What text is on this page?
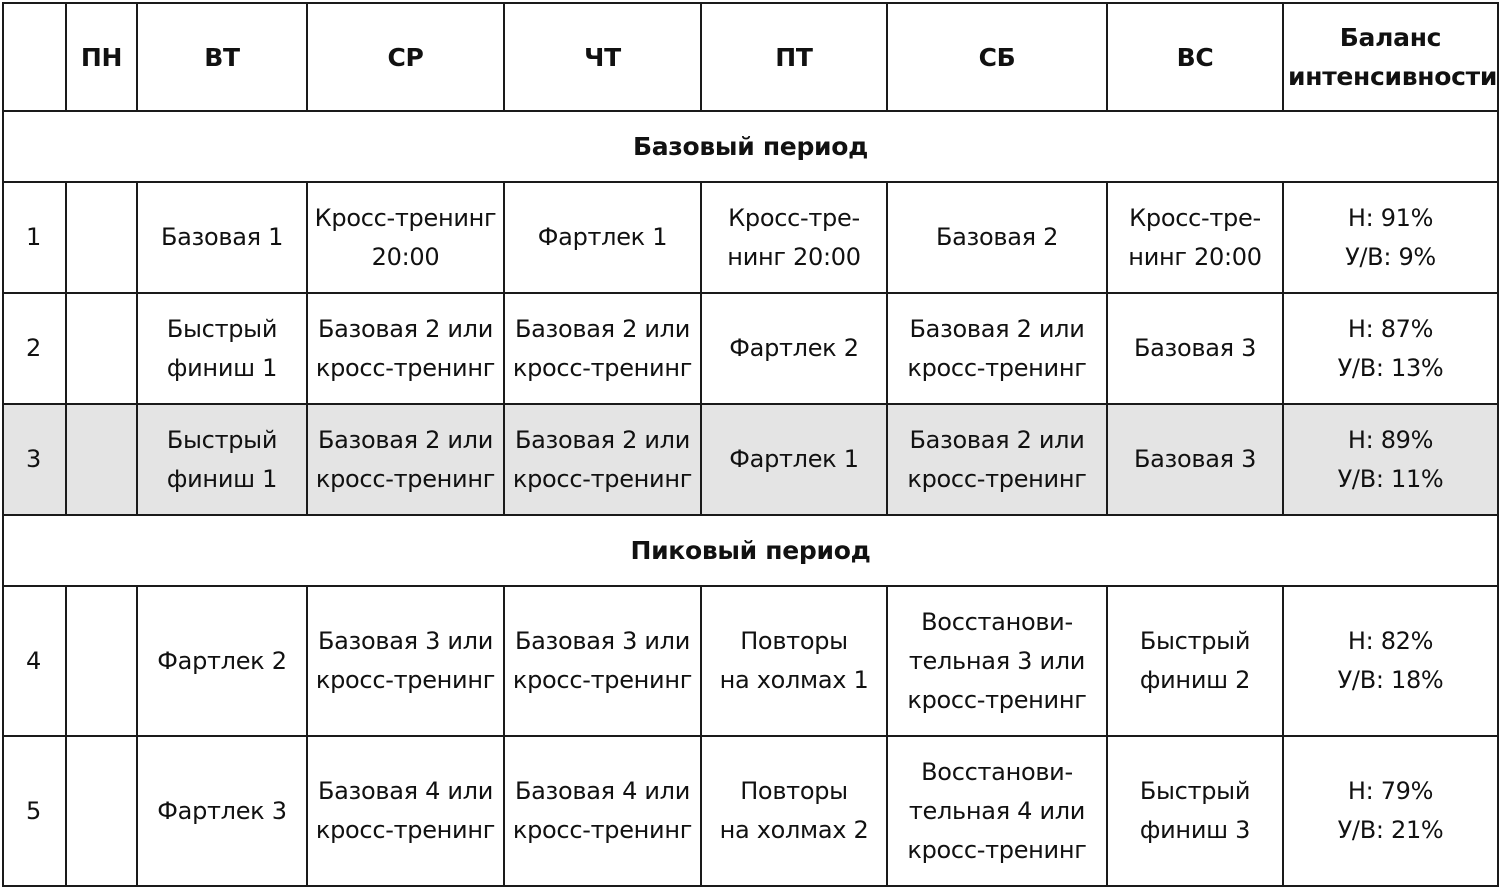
	ПН	ВТ	СР	ЧТ	ПТ	СБ	ВС	Баланс
интенсивности

Базовый период								
1		Базовая 1	Кросс-тренинг
20:00	Фартлек 1	Кросс-тре-
нинг 20:00	Базовая 2	Кросс-тре-
нинг 20:00	Н: 91%
У/В: 9%

2		Быстрый
финиш 1	Базовая 2 или
кросс-тренинг	Базовая 2 или
кросс-тренинг	Фартлек 2	Базовая 2 или
кросс-тренинг	Базовая 3	Н: 87%
У/В: 13%

3		Быстрый
финиш 1	Базовая 2 или
кросс-тренинг	Базовая 2 или
кросс-тренинг	Фартлек 1	Базовая 2 или
кросс-тренинг	Базовая 3	Н: 89%
У/В: 11%

Пиковый период								
4		Фартлек 2	Базовая 3 или
кросс-тренинг	Базовая 3 или
кросс-тренинг	Повторы
на холмах 1	Восстанови-
тельная 3 или
кросс-тренинг	Быстрый
финиш 2	Н: 82%
У/В: 18%

5		Фартлек 3	Базовая 4 или
кросс-тренинг	Базовая 4 или
кросс-тренинг	Повторы
на холмах 2	Восстанови-
тельная 4 или
кросс-тренинг	Быстрый
финиш 3	Н: 79%
У/В: 21%
